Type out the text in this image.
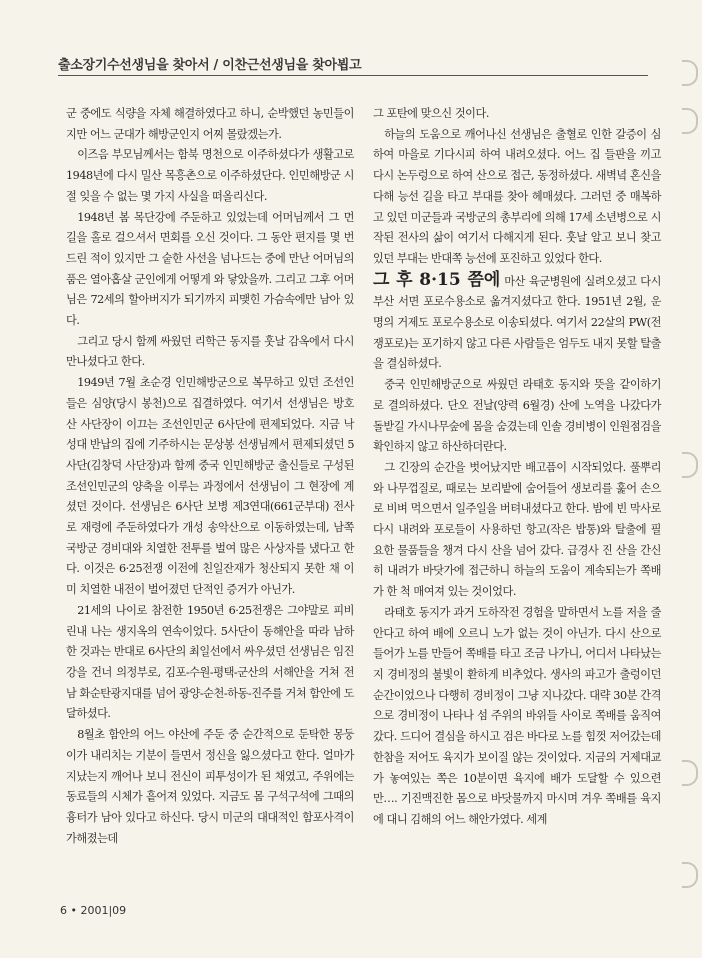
출소장기수선생님을 찾아서 / 이찬근선생님을 찾아뵙고

군 중에도 식량을 자체 해결하였다고 하니, 순박했던 농민들이지만 어느 군대가 해방군인지 어찌 몰랐겠는가.

이즈음 부모님께서는 함북 명천으로 이주하셨다가 생활고로 1948년에 다시 밀산 목흥촌으로 이주하셨단다. 인민해방군 시절 잊을 수 없는 몇 가지 사실을 떠올리신다.

1948년 봄 목단강에 주둔하고 있었는데 어머님께서 그 먼 길을 홀로 걸으셔서 면회를 오신 것이다. 그 동안 편지를 몇 번 드린 적이 있지만 그 숱한 사선을 넘나드는 중에 만난 어머님의 품은 열아홉살 군인에게 어떻게 와 닿았을까. 그리고 그후 어머님은 72세의 할아버지가 되기까지 피맺힌 가슴속에만 남아 있다.

그리고 당시 함께 싸웠던 리학근 동지를 훗날 감옥에서 다시 만나셨다고 한다.

1949년 7월 초순경 인민해방군으로 복무하고 있던 조선인들은 심양(당시 봉천)으로 집결하였다. 여기서 선생님은 방호산 사단장이 이끄는 조선인민군 6사단에 편제되었다. 지금 낙성대 반납의 집에 기주하시는 문상봉 선생님께서 편제되셨던 5사단(김창덕 사단장)과 함께 중국 인민해방군 출신들로 구성된 조선인민군의 양축을 이루는 과정에서 선생님이 그 현장에 계셨던 것이다. 선생님은 6사단 보병 제3연대(661군부대) 전사로 재령에 주둔하였다가 개성 송악산으로 이동하였는데, 남쪽 국방군 경비대와 치열한 전투를 벌여 많은 사상자를 냈다고 한다. 이것은 6·25전쟁 이전에 친일잔재가 청산되지 못한 채 이미 치열한 내전이 벌어졌던 단적인 증거가 아닌가.

21세의 나이로 참전한 1950년 6·25전쟁은 그야말로 피비린내 나는 생지옥의 연속이었다. 5사단이 동해안을 따라 남하한 것과는 반대로 6사단의 최일선에서 싸우셨던 선생님은 임진강을 건너 의정부로, 김포-수원-평택-군산의 서해안을 거쳐 전남 화순탄광지대를 넘어 광양-순천-하동-진주를 거쳐 함안에 도달하셨다.

8월초 함안의 어느 야산에 주둔 중 순간적으로 둔탁한 몽둥이가 내리치는 기분이 들면서 정신을 잃으셨다고 한다. 얼마가 지났는지 깨어나 보니 전신이 피투성이가 된 채였고, 주위에는 동료들의 시체가 흩어져 있었다. 지금도 몸 구석구석에 그때의 흉터가 남아 있다고 하신다. 당시 미군의 대대적인 함포사격이 가해졌는데

그 포탄에 맞으신 것이다.

하늘의 도움으로 깨어나신 선생님은 출혈로 인한 갈증이 심하여 마을로 기다시피 하여 내려오셨다. 어느 집 들판을 끼고 다시 논두렁으로 하여 산으로 접근, 동정하셨다. 새벽녘 혼신을 다해 능선 길을 타고 부대를 찾아 헤매셨다. 그러던 중 매복하고 있던 미군들과 국방군의 총부리에 의해 17세 소년병으로 시작된 전사의 삶이 여기서 다해지게 된다. 훗날 알고 보니 찾고 있던 부대는 반대쪽 능선에 포진하고 있었다 한다.

그 후 8·15 쯤에 마산 육군병원에 실려오셨고 다시 부산 서면 포로수용소로 옮겨지셨다고 한다. 1951년 2월, 운명의 거제도 포로수용소로 이송되셨다. 여기서 22살의 PW(전쟁포로)는 포기하지 않고 다른 사람들은 엄두도 내지 못할 탈출을 결심하셨다.

중국 인민해방군으로 싸웠던 라태호 동지와 뜻을 같이하기로 결의하셨다. 단오 전날(양력 6월경) 산에 노역을 나갔다가 돌받길 가시나무숲에 몸을 숨겼는데 인솔 경비병이 인원점검을 확인하지 않고 하산하더란다.

그 긴장의 순간을 벗어났지만 배고픔이 시작되었다. 풀뿌리와 나무껍질로, 때로는 보리밭에 숨어들어 생보리를 훑어 손으로 비벼 먹으면서 일주일을 버텨내셨다고 한다. 밤에 빈 막사로 다시 내려와 포로들이 사용하던 항고(작은 밥통)와 탈출에 필요한 물품들을 챙겨 다시 산을 넘어 갔다. 급경사 진 산을 간신히 내려가 바닷가에 접근하니 하늘의 도움이 계속되는가 쪽배가 한 척 매여져 있는 것이었다.

라태호 동지가 과거 도하작전 경험을 말하면서 노를 저을 줄 안다고 하여 배에 오르니 노가 없는 것이 아닌가. 다시 산으로 들어가 노를 만들어 쪽배를 타고 조금 나가니, 어디서 나타났는지 경비정의 불빛이 환하게 비추었다. 생사의 파고가 출렁이던 순간이었으나 다행히 경비정이 그냥 지나갔다. 대략 30분 간격으로 경비정이 나타나 섬 주위의 바위들 사이로 쪽배를 움직여갔다. 드디어 결심을 하시고 검은 바다로 노를 힘껏 저어갔는데 한참을 저어도 육지가 보이질 않는 것이었다. 지금의 거제대교가 놓여있는 쪽은 10분이면 육지에 배가 도달할 수 있으련만…. 기진맥진한 몸으로 바닷물까지 마시며 겨우 쪽배를 육지에 대니 김해의 어느 해안가였다. 세계

6 • 2001|09
